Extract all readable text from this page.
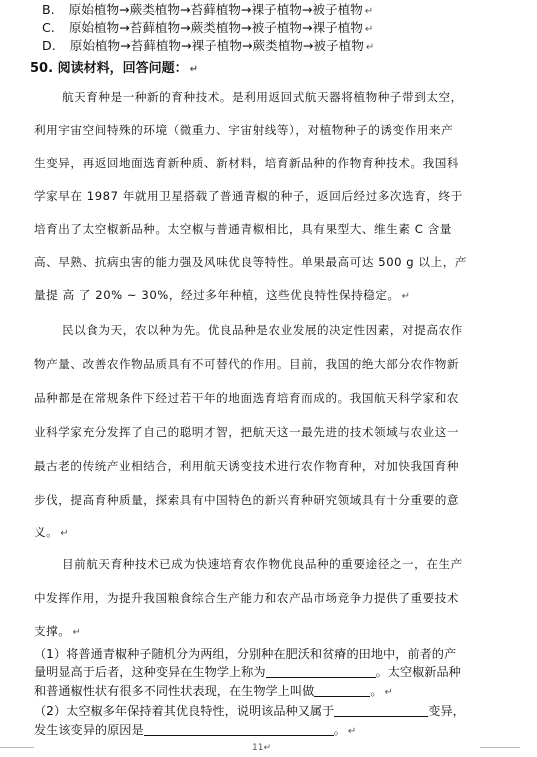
B. 原始植物→蕨类植物→苔藓植物→裸子植物→被子植物 ↵
C. 原始植物→苔藓植物→蕨类植物→被子植物→裸子植物 ↵
D. 原始植物→苔藓植物→裸子植物→蕨类植物→被子植物 ↵
50. 阅读材料，回答问题： ↵
航天育种是一种新的育种技术。是利用返回式航天器将植物种子带到太空，
利用宇宙空间特殊的环境（微重力、宇宙射线等），对植物种子的诱变作用来产
生变异，再返回地面选育新种质、新材料，培育新品种的作物育种技术。我国科
学家早在 1987 年就用卫星搭载了普通青椒的种子，返回后经过多次选育，终于
培育出了太空椒新品种。太空椒与普通青椒相比，具有果型大、维生素 C 含量
高、早熟、抗病虫害的能力强及风味优良等特性。单果最高可达 500 g 以上，产
量提 高 了 20% ~ 30%，经过多年种植，这些优良特性保持稳定。 ↵
民以食为天，农以种为先。优良品种是农业发展的决定性因素，对提高农作
物产量、改善农作物品质具有不可替代的作用。目前，我国的绝大部分农作物新
品种都是在常规条件下经过若干年的地面选育培育而成的。我国航天科学家和农
业科学家充分发挥了自己的聪明才智，把航天这一最先进的技术领域与农业这一
最古老的传统产业相结合，利用航天诱变技术进行农作物育种，对加快我国育种
步伐，提高育种质量，探索具有中国特色的新兴育种研究领域具有十分重要的意
义。 ↵
目前航天育种技术已成为快速培育农作物优良品种的重要途径之一，在生产
中发挥作用，为提升我国粮食综合生产能力和农产品市场竞争力提供了重要技术
支撑。 ↵
（1）将普通青椒种子随机分为两组，分别种在肥沃和贫瘠的田地中，前者的产
量明显高于后者，这种变异在生物学上称为	。太空椒新品种
和普通椒性状有很多不同性状表现，在生物学上叫做	。 ↵
（2）太空椒多年保持着其优良特性，说明该品种又属于	变异，
发生该变异的原因是	。 ↵
11↵
